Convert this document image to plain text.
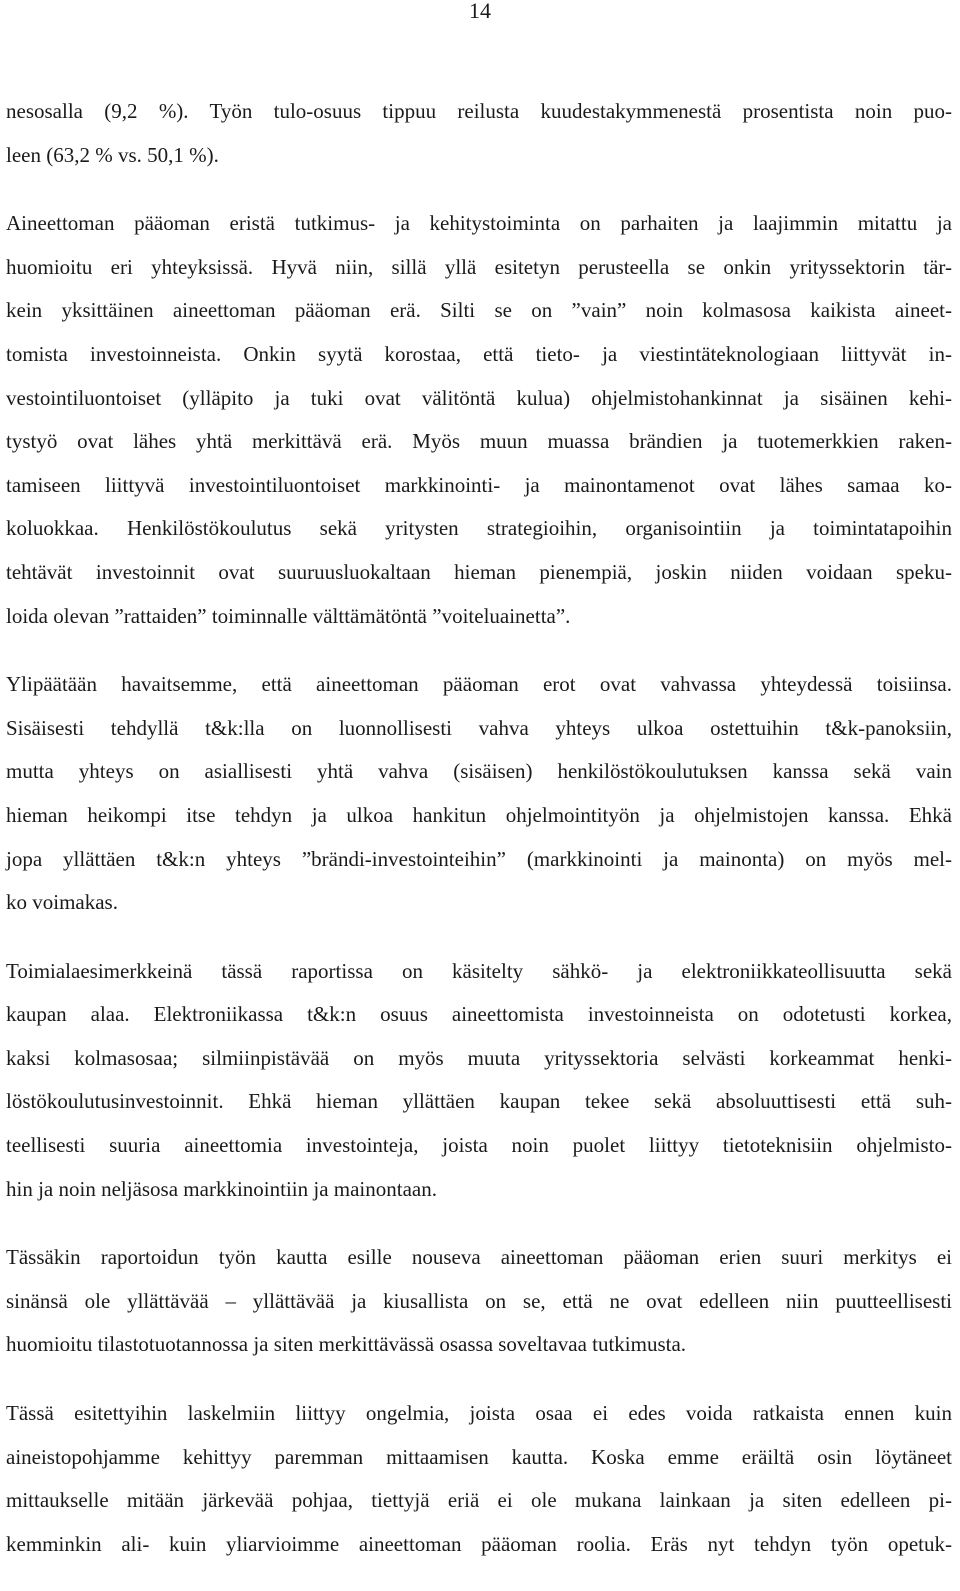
14
nesosalla (9,2 %). Työn tulo-osuus tippuu reilusta kuudestakymmenestä prosentista noin puo-
leen (63,2 % vs. 50,1 %).
Aineettoman pääoman eristä tutkimus- ja kehitystoiminta on parhaiten ja laajimmin mitattu ja
huomioitu eri yhteyksissä. Hyvä niin, sillä yllä esitetyn perusteella se onkin yrityssektorin tär-
kein yksittäinen aineettoman pääoman erä. Silti se on ”vain” noin kolmasosa kaikista aineet-
tomista investoinneista. Onkin syytä korostaa, että tieto- ja viestintäteknologiaan liittyvät in-
vestointiluontoiset (ylläpito ja tuki ovat välitöntä kulua) ohjelmistohankinnat ja sisäinen kehi-
tystyö ovat lähes yhtä merkittävä erä. Myös muun muassa brändien ja tuotemerkkien raken-
tamiseen liittyvä investointiluontoiset markkinointi- ja mainontamenot ovat lähes samaa ko-
koluokkaa. Henkilöstökoulutus sekä yritysten strategioihin, organisointiin ja toimintatapoihin
tehtävät investoinnit ovat suuruusluokaltaan hieman pienempiä, joskin niiden voidaan speku-
loida olevan ”rattaiden” toiminnalle välttämätöntä ”voiteluainetta”.
Ylipäätään havaitsemme, että aineettoman pääoman erot ovat vahvassa yhteydessä toisiinsa.
Sisäisesti tehdyllä t&k:lla on luonnollisesti vahva yhteys ulkoa ostettuihin t&k-panoksiin,
mutta yhteys on asiallisesti yhtä vahva (sisäisen) henkilöstökoulutuksen kanssa sekä vain
hieman heikompi itse tehdyn ja ulkoa hankitun ohjelmointityön ja ohjelmistojen kanssa. Ehkä
jopa yllättäen t&k:n yhteys ”brändi-investointeihin” (markkinointi ja mainonta) on myös mel-
ko voimakas.
Toimialaesimerkkeinä tässä raportissa on käsitelty sähkö- ja elektroniikkateollisuutta sekä
kaupan alaa. Elektroniikassa t&k:n osuus aineettomista investoinneista on odotetusti korkea,
kaksi kolmasosaa; silmiinpistävää on myös muuta yrityssektoria selvästi korkeammat henki-
löstökoulutusinvestoinnit. Ehkä hieman yllättäen kaupan tekee sekä absoluuttisesti että suh-
teellisesti suuria aineettomia investointeja, joista noin puolet liittyy tietoteknisiin ohjelmisto-
hin ja noin neljäsosa markkinointiin ja mainontaan.
Tässäkin raportoidun työn kautta esille nouseva aineettoman pääoman erien suuri merkitys ei
sinänsä ole yllättävää – yllättävää ja kiusallista on se, että ne ovat edelleen niin puutteellisesti
huomioitu tilastotuotannossa ja siten merkittävässä osassa soveltavaa tutkimusta.
Tässä esitettyihin laskelmiin liittyy ongelmia, joista osaa ei edes voida ratkaista ennen kuin
aineistopohjamme kehittyy paremman mittaamisen kautta. Koska emme eräiltä osin löytäneet
mittaukselle mitään järkevää pohjaa, tiettyjä eriä ei ole mukana lainkaan ja siten edelleen pi-
kemminkin ali- kuin yliarvioimme aineettoman pääoman roolia. Eräs nyt tehdyn työn opetuk-
